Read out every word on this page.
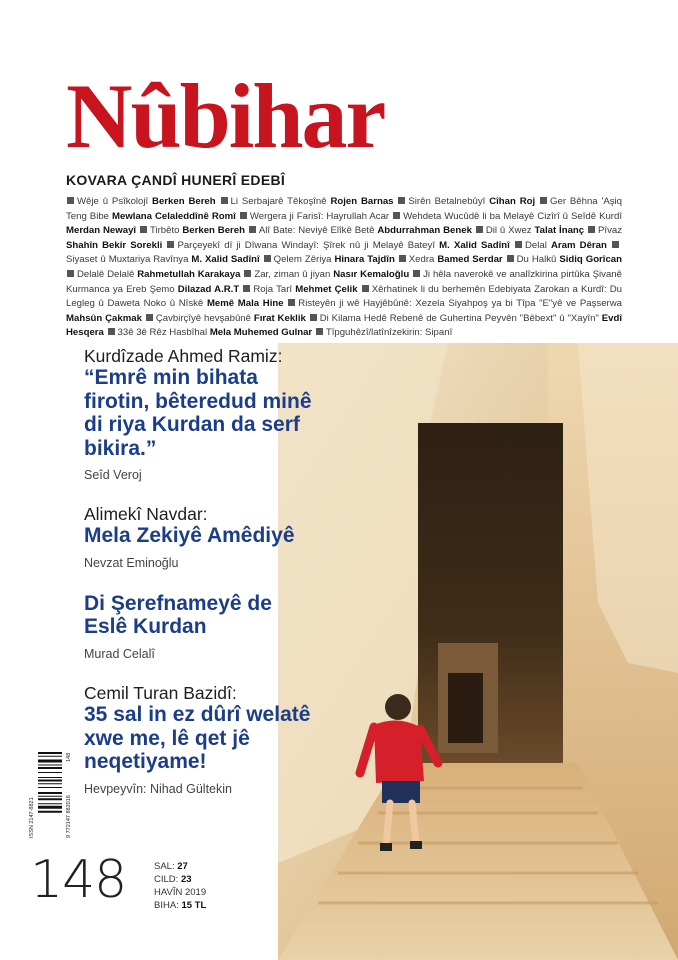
Nûbihar
KOVARA ÇANDÎ HUNERÎ EDEBÎ
Wêje û Psîkolojî Berken Bereh Li Serbajarê Têkoşînê Rojen Barnas Sirên Betalnebûyî Cîhan Roj Ger Bêhna 'Aşiq Teng Bibe Mewlana Celaleddînê Romî Wergera ji Farisî: Hayrullah Acar Wehdeta Wucûdê li ba Melayê Cizîrî û Seîdê Kurdî Merdan Newayî Tirbêto Berken Bereh Alî Bate: Neviyê Elîkê Betê Abdurrahman Benek Dil û Xwez Talat İnanç Pîvaz Shahîn Bekir Sorekli Parçeyekî dî ji Dîwana Windayî: Şîrek nû ji Melayê Bateyî M. Xalid Sadînî Delal Aram Dêran Siyaset û Muxtariya Ravînya M. Xalid Sadînî Qelem Zêriya Hinara Tajdîn Xedra Bamed Serdar Du Halkû Sidiq Gorîcan Delalê Delalê Rahmetullah Karakaya Zar, ziman û jiyan Nasır Kemaloğlu Ji hêla naverokê ve analîzkirina pirtûka Şivanê Kurmanca ya Ereb Şemo Dilazad A.R.T Roja Tarî Mehmet Çelik Xêrhatinek li du berhemên Edebiyata Zarokan a Kurdî: Du Legleg û Daweta Noko û Nîskê Memê Mala Hine Risteyên ji wê Hayjêbûnê: Xezela Siyahpoş ya bi Tîpa "E"yê ve Paşserwa Mahsûn Çakmak Çavbirçîyê hevşabûnê Fırat Keklik Di Kilama Hedê Rebenê de Guhertina Peyvên "Bêbext" û "Xayîn" Evdî Hesqera 33ê 3ê Rêz Hasbîhal Mela Muhemed Gulnar Tîpguhêzî/latînîzekirin: Sipanî
Kurdîzade Ahmed Ramiz:
“Emrê min bihata firotin, bêteredud minê di riya Kurdan da serf bikira.”
Seîd Veroj
Alimekî Navdar:
Mela Zekiyê Amêdiyê
Nevzat Eminoğlu
Di Şerefnameyê de Eslê Kurdan
Murad Celalî
Cemil Turan Bazidî:
35 sal in ez dûrî welatê xwe me, lê qet jê neqetiyame!
Hevpeyvîn: Nihad Gültekin
ISSN 2147-8821	9 772147 882016
148
148	SAL: 27
CILD: 23
HAVÎN 2019
BIHA: 15 TL
